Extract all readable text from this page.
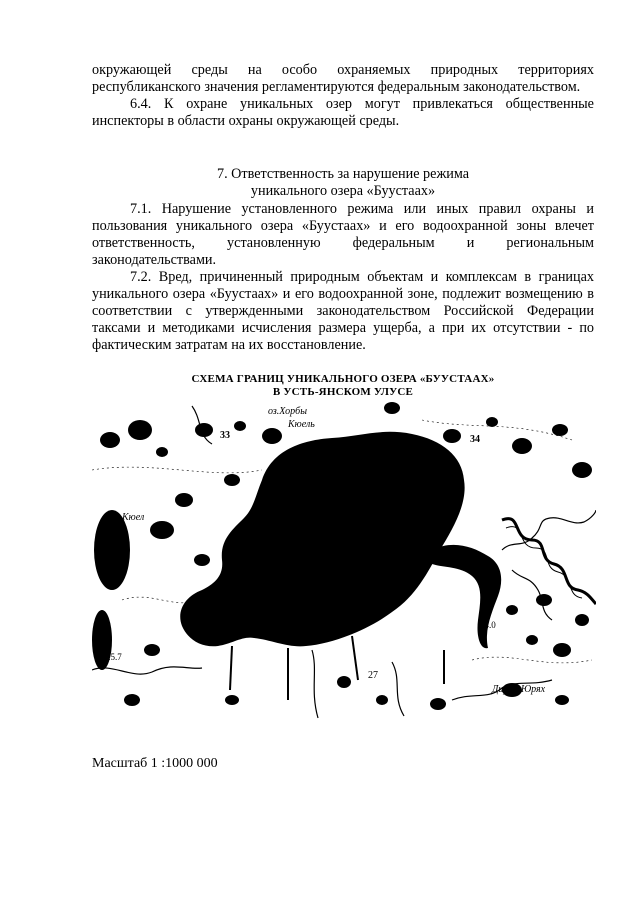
окружающей среды на особо охраняемых природных территориях республиканского значения регламентируются федеральным законодательством.

6.4. К охране уникальных озер могут привлекаться общественные инспекторы в области охраны окружающей среды.

7. Ответственность за нарушение режима

уникального озера «Буустаах»

7.1. Нарушение установленного режима или иных правил охраны и пользования уникального озера «Буустаах» и его водоохранной зоны влечет ответственность, установленную федеральным и региональным законодательствами.

7.2. Вред, причиненный природным объектам и комплексам в границах уникального озера «Буустаах» и его водоохранной зоне, подлежит возмещению в соответствии с утвержденными законодательством Российской Федерации таксами и методиками исчисления размера ущерба, а при их отсутствии - по фактическим затратам на их восстановление.

СХЕМА ГРАНИЦ УНИКАЛЬНОГО ОЗЕРА «БУУСТААХ»
В УСТЬ-ЯНСКОМ УЛУСЕ
оз.Хорбы
Кюель
33	34
Кюел
Дирин Юрях
27
25.7
24.0
Масштаб 1 :1000 000
